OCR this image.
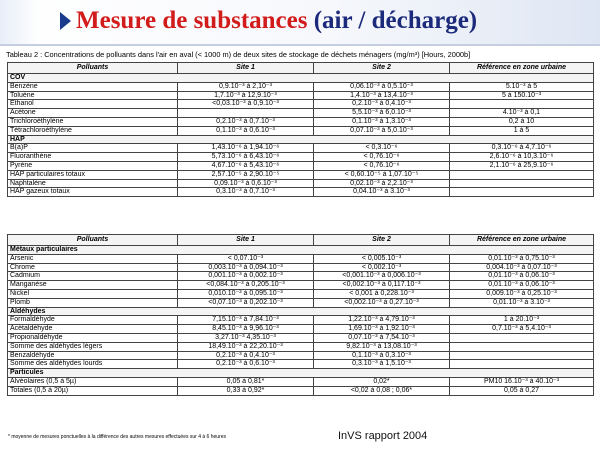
Mesure de substances (air / décharge)
Tableau 2 : Concentrations de polluants dans l'air en aval (< 1000 m) de deux sites de stockage de déchets ménagers (mg/m³) [Hours, 2000b]
Polluants	Site 1	Site 2	Référence en zone urbaine
COV			
Benzène	0,9.10⁻³ à 2,10⁻³	0,06.10⁻³ à 0,5.10⁻³	5.10⁻³ à 5
Toluène	1,7.10⁻³ à 12,9.10⁻³	1,4.10⁻³ à 13,4.10⁻³	5 à 150.10⁻³
Ethanol	<0,03.10⁻³ à 0,9.10⁻³	0,2.10⁻³ à 0,4.10⁻³	
Acétone		5,5.10⁻³ à 6,0.10⁻³	4.10⁻³ à 0,1
Trichloroéthylène	0,2.10⁻³ à 0,7.10⁻³	0,1.10⁻³ à 1,3.10⁻³	0,2 à 10
Tétrachloroéthylène	0,1.10⁻³ à 0,6.10⁻³	0,07.10⁻³ à 5,0.10⁻³	1 à 5
HAP			
B(a)P	1,43.10⁻⁶ à 1,94.10⁻⁶	< 0,3.10⁻⁶	0,3.10⁻⁶ à 4,7.10⁻⁶
Fluoranthène	5,73.10⁻⁶ à 6,43.10⁻⁶	< 0,76.10⁻⁶	2,6.10⁻⁶ à 10,3.10⁻⁶
Pyrène	4,67.10⁻⁶ à 5,43.10⁻⁶	< 0,76.10⁻⁶	2,1.10⁻⁶ à 25,9.10⁻⁶
HAP particulaires totaux	2,57.10⁻⁵ à 2,90.10⁻⁵	< 0,60.10⁻⁵ à 1,07.10⁻⁵	
Naphtalène	0,09.10⁻³ à 0,6.10⁻³	0,02.10⁻³ à 2,2.10⁻³	
HAP gazeux totaux	0,3.10⁻³ à 0,7.10⁻³	0,04.10⁻³ à 3.10⁻³	
Polluants	Site 1	Site 2	Référence en zone urbaine
Métaux particulaires			
Arsenic	< 0,07.10⁻³	< 0,005.10⁻³	0,01.10⁻³ à 0,75.10⁻³
Chrome	0,003.10⁻³ à 0,094.10⁻³	< 0,002.10⁻³	0,004.10⁻³ à 0,07.10⁻³
Cadmium	0,001.10⁻³ à 0,002.10⁻³	<0,001.10⁻³ à 0,006.10⁻³	0,01.10⁻³ à 0,06.10⁻³
Manganèse	<0,084.10⁻³ à 0,205.10⁻³	<0,002.10⁻³ à 0,117.10⁻³	0,01.10⁻³ à 0,06.10⁻³
Nickel	0,010.10⁻³ à 0,095.10⁻³	< 0,001 à 0,228.10⁻³	0,009.10⁻³ à 0,25.10⁻³
Plomb	<0,07.10⁻³ à 0,202.10⁻³	<0,002.10⁻³ à 0,27.10⁻³	0,01.10⁻³ à 3.10⁻³
Aldéhydes			
Formaldéhyde	7,15.10⁻³ à 7,84.10⁻³	1,22.10⁻³ à 4,79.10⁻³	1 à 20.10⁻³
Acétaldéhyde	8,45.10⁻³ à 9,96.10⁻³	1,69.10⁻³ à 1,92.10⁻³	0,7.10⁻³ à 5,4.10⁻³
Propionaldéhyde	3,27.10⁻³ 4,35.10⁻³	0,07.10⁻³ à 7,54.10⁻³	
Somme des aldéhydes légers	18,49.10⁻³ à 22,20.10⁻³	9,82.10⁻³ à 13,08.10⁻³	
Benzaldéhyde	0,2.10⁻³ à 0,4.10⁻³	0,1.10⁻³ à 0,3.10⁻³	
Somme des aldéhydes lourds	0,2.10⁻³ à 0,6.10⁻³	0,3.10⁻³ à 1,5.10⁻³	
Particules			
Alvéolaires (0,5 à 5µ)	0,05 à 0,81*	0,02*	PM10 16.10⁻³ à 40.10⁻³
Totales (0,5 à 20µ)	0,33 à 0,92*	<0,02 à 0,08 ; 0,06*	0,05 à 0,27
* moyenne de mesures ponctuelles à la différence des autres mesures effectuées sur 4 à 6 heures	InVS rapport 2004
